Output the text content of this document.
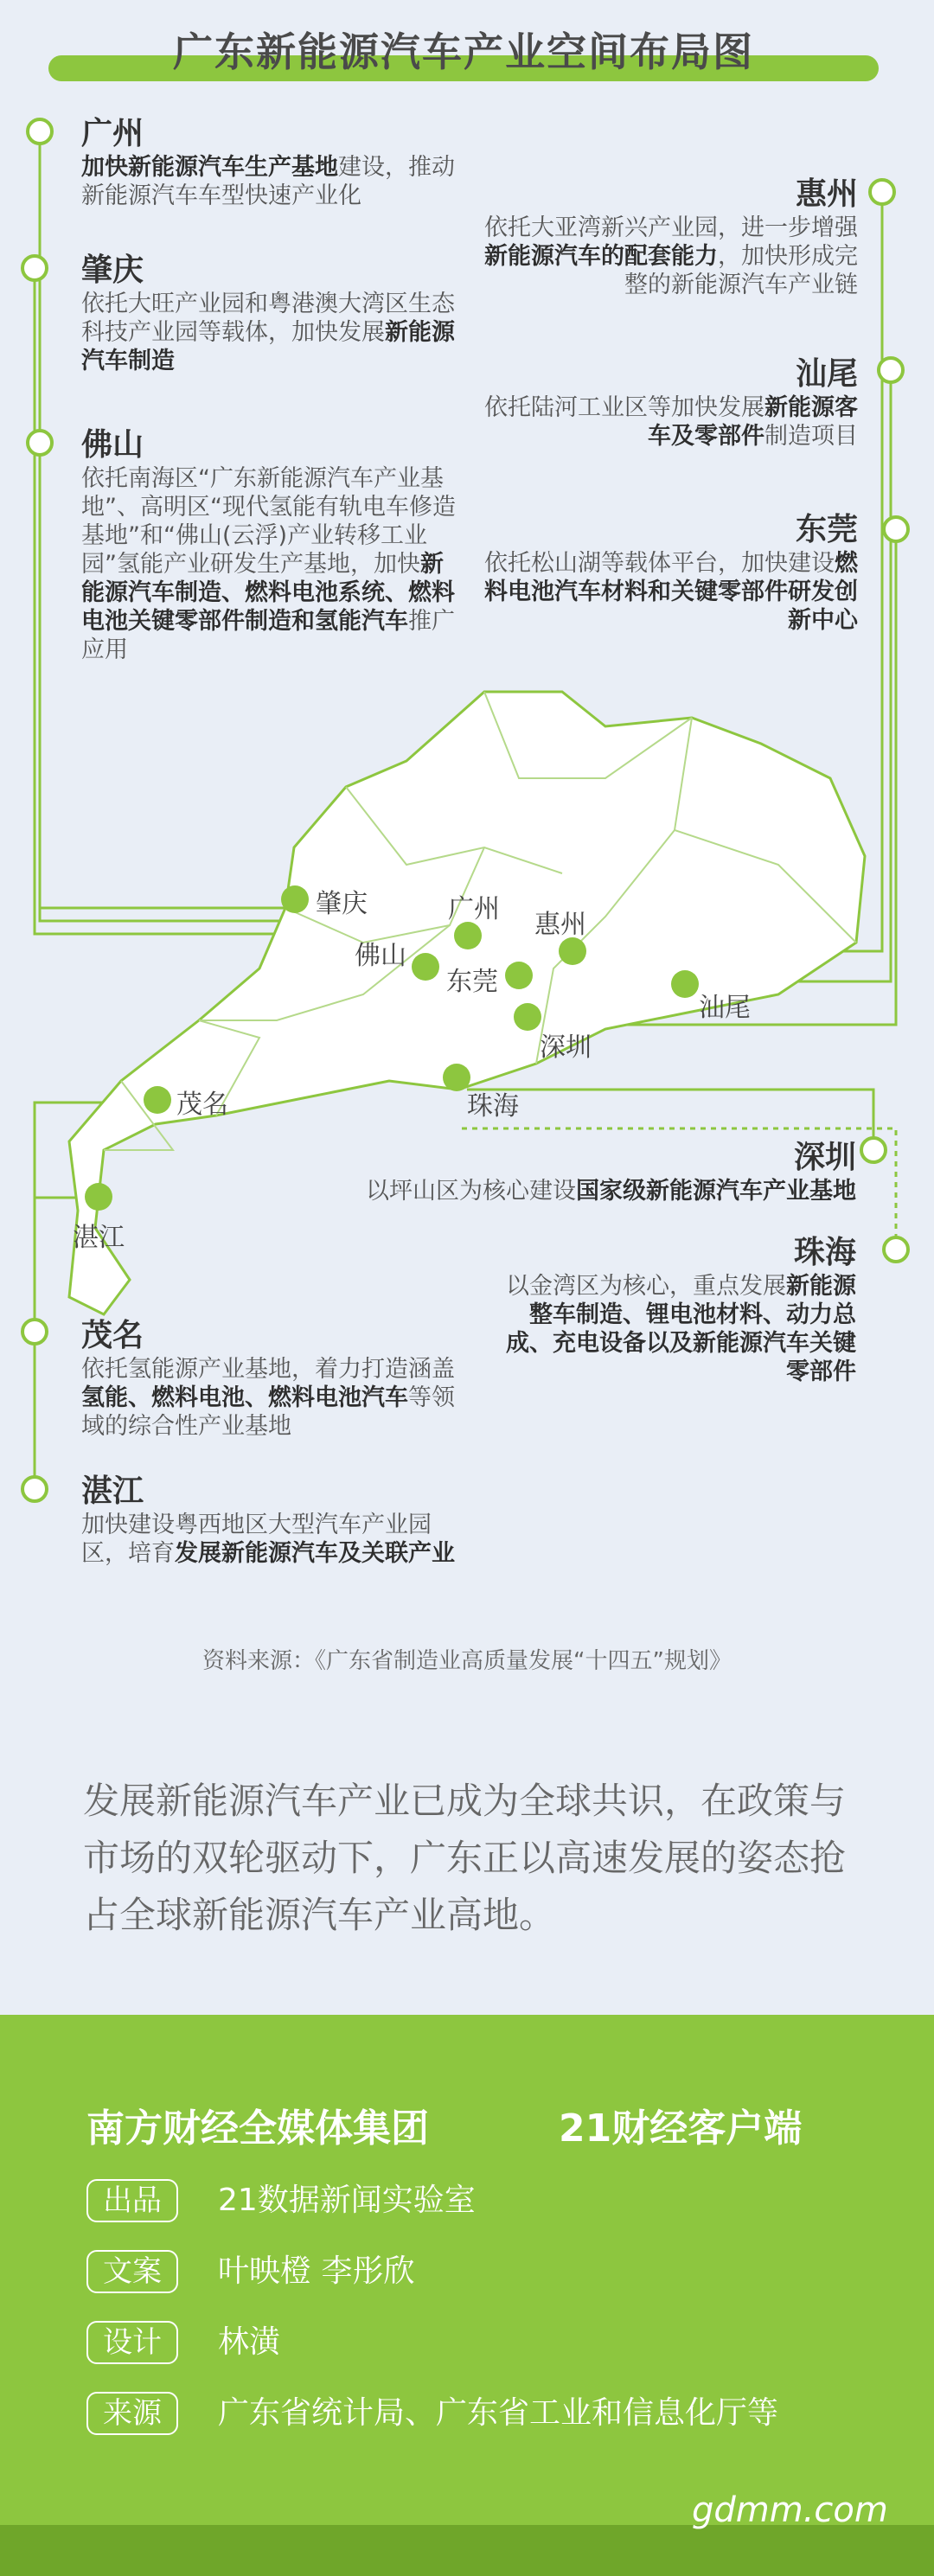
广东新能源汽车产业空间布局图
广州
加快新能源汽车生产基地建设，推动新能源汽车车型快速产业化
肇庆
依托大旺产业园和粤港澳大湾区生态科技产业园等载体，加快发展新能源汽车制造
佛山
依托南海区“广东新能源汽车产业基地”、高明区“现代氢能有轨电车修造基地”和“佛山(云浮)产业转移工业园”氢能产业研发生产基地，加快新能源汽车制造、燃料电池系统、燃料电池关键零部件制造和氢能汽车推广应用
惠州
依托大亚湾新兴产业园，进一步增强新能源汽车的配套能力，加快形成完整的新能源汽车产业链
汕尾
依托陆河工业区等加快发展新能源客车及零部件制造项目
东莞
依托松山湖等载体平台，加快建设燃料电池汽车材料和关键零部件研发创新中心
肇庆	广州
惠州
佛山
东莞
汕尾
深圳
茂名	珠海
湛江
深圳
以坪山区为核心建设国家级新能源汽车产业基地
珠海
以金湾区为核心，重点发展新能源整车制造、锂电池材料、动力总成、充电设备以及新能源汽车关键零部件
茂名
依托氢能源产业基地，着力打造涵盖氢能、燃料电池、燃料电池汽车等领域的综合性产业基地
湛江
加快建设粤西地区大型汽车产业园区，培育发展新能源汽车及关联产业
资料来源：《广东省制造业高质量发展“十四五”规划》
发展新能源汽车产业已成为全球共识，在政策与市场的双轮驱动下，广东正以高速发展的姿态抢占全球新能源汽车产业高地。
南方财经全媒体集团	21财经客户端
出品	21数据新闻实验室
文案	叶映橙 李彤欣
设计	林潢
来源	广东省统计局、广东省工业和信息化厅等
gdmm.com
